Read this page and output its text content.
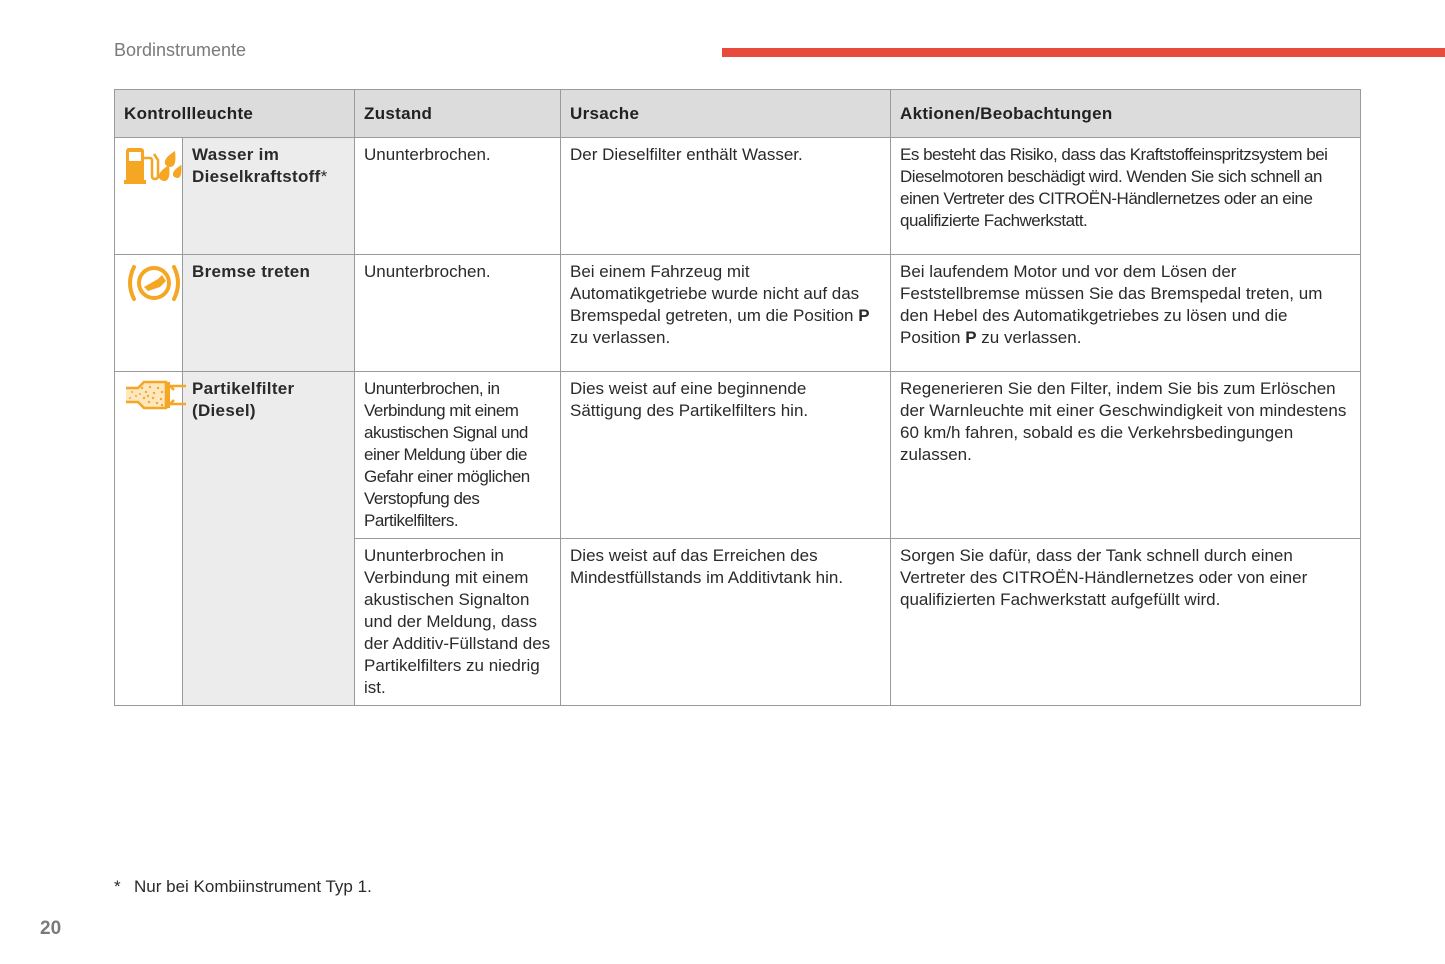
Bordinstrumente
Kontrollleuchte		Zustand	Ursache	Aktionen/Beobachtungen

	Wasser im Dieselkraftstoff*	Ununterbrochen.	Der Dieselfilter enthält Wasser.	Es besteht das Risiko, dass das Kraftstoffeinspritzsystem bei Dieselmotoren beschädigt wird. Wenden Sie sich schnell an einen Vertreter des CITROËN-Händlernetzes oder an eine qualifizierte Fachwerkstatt.

	Bremse treten	Ununterbrochen.	Bei einem Fahrzeug mit Automatikgetriebe wurde nicht auf das Bremspedal getreten, um die Position P zu verlassen.	Bei laufendem Motor und vor dem Lösen der Feststellbremse müssen Sie das Bremspedal treten, um den Hebel des Automatikgetriebes zu lösen und die Position P zu verlassen.

	Partikelfilter (Diesel)	Ununterbrochen, in Verbindung mit einem akustischen Signal und einer Meldung über die Gefahr einer möglichen Verstopfung des Partikelfilters.	Dies weist auf eine beginnende Sättigung des Partikelfilters hin.	Regenerieren Sie den Filter, indem Sie bis zum Erlöschen der Warnleuchte mit einer Geschwindigkeit von mindestens 60 km/h fahren, sobald es die Verkehrsbedingungen zulassen.
		Ununterbrochen in Verbindung mit einem akustischen Signalton und der Meldung, dass der Additiv-Füllstand des Partikelfilters zu niedrig ist.	Dies weist auf das Erreichen des Mindestfüllstands im Additivtank hin.	Sorgen Sie dafür, dass der Tank schnell durch einen Vertreter des CITROËN-Händlernetzes oder von einer qualifizierten Fachwerkstatt aufgefüllt wird.
* Nur bei Kombiinstrument Typ 1.
20
